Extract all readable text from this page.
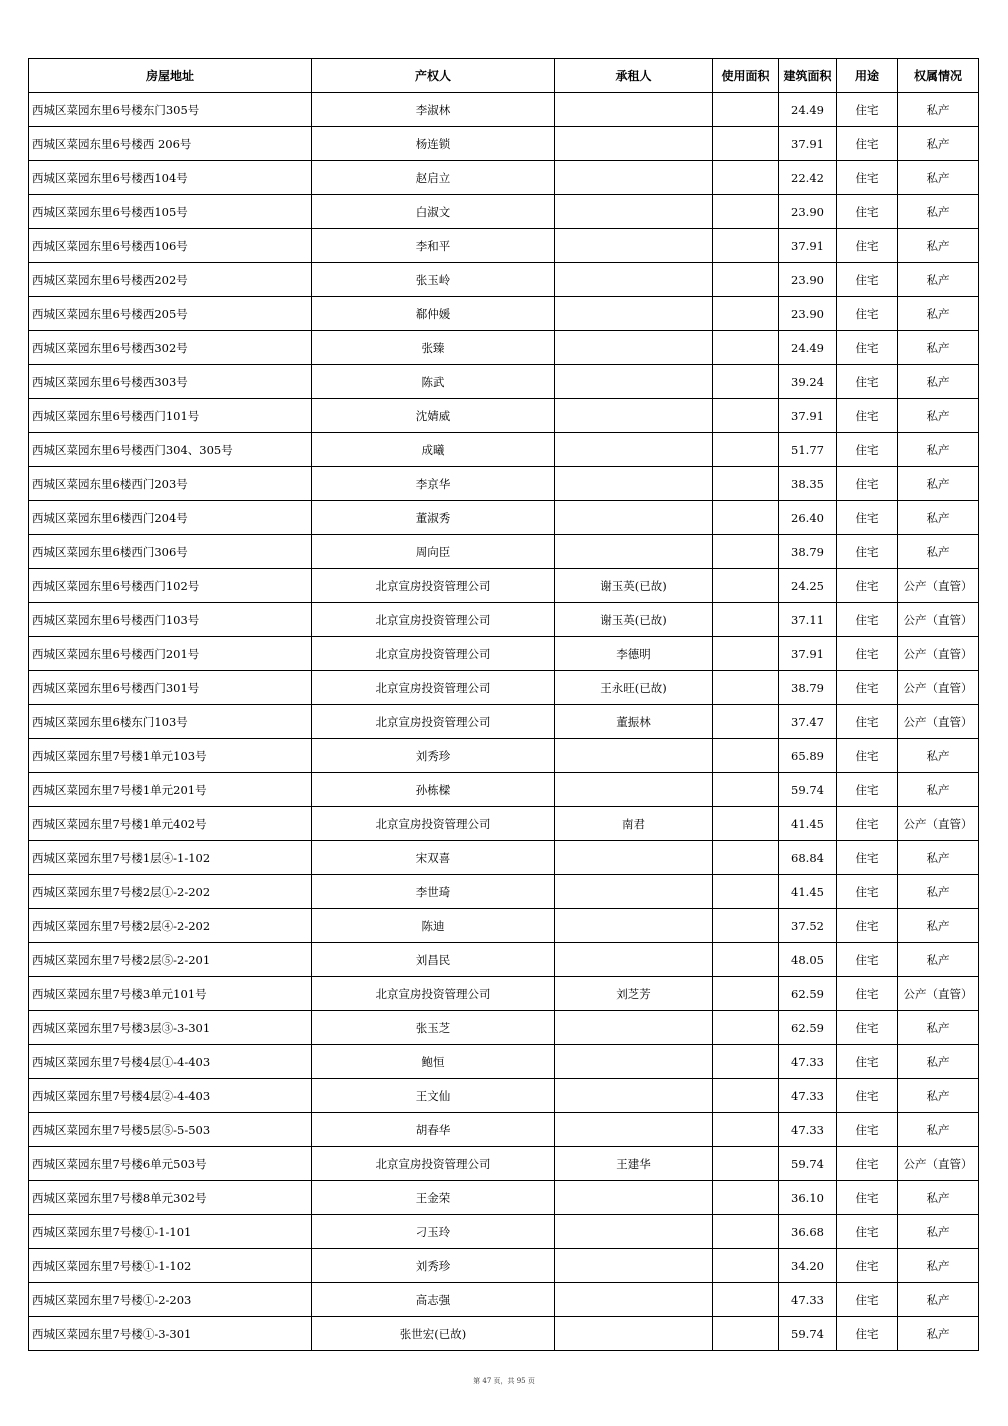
房屋地址	产权人	承租人	使用面积	建筑面积	用途	权属情况
西城区菜园东里6号楼东门305号	李淑林			24.49	住宅	私产
西城区菜园东里6号楼西 206号	杨连锁			37.91	住宅	私产
西城区菜园东里6号楼西104号	赵启立			22.42	住宅	私产
西城区菜园东里6号楼西105号	白淑文			23.90	住宅	私产
西城区菜园东里6号楼西106号	李和平			37.91	住宅	私产
西城区菜园东里6号楼西202号	张玉岭			23.90	住宅	私产
西城区菜园东里6号楼西205号	郗仲媛			23.90	住宅	私产
西城区菜园东里6号楼西302号	张臻			24.49	住宅	私产
西城区菜园东里6号楼西303号	陈武			39.24	住宅	私产
西城区菜园东里6号楼西门101号	沈婧威			37.91	住宅	私产
西城区菜园东里6号楼西门304、305号	成曦			51.77	住宅	私产
西城区菜园东里6楼西门203号	李京华			38.35	住宅	私产
西城区菜园东里6楼西门204号	董淑秀			26.40	住宅	私产
西城区菜园东里6楼西门306号	周向臣			38.79	住宅	私产
西城区菜园东里6号楼西门102号	北京宣房投资管理公司	谢玉英(已故)		24.25	住宅	公产（直管）
西城区菜园东里6号楼西门103号	北京宣房投资管理公司	谢玉英(已故)		37.11	住宅	公产（直管）
西城区菜园东里6号楼西门201号	北京宣房投资管理公司	李德明		37.91	住宅	公产（直管）
西城区菜园东里6号楼西门301号	北京宣房投资管理公司	王永旺(已故)		38.79	住宅	公产（直管）
西城区菜园东里6楼东门103号	北京宣房投资管理公司	董振林		37.47	住宅	公产（直管）
西城区菜园东里7号楼1单元103号	刘秀珍			65.89	住宅	私产
西城区菜园东里7号楼1单元201号	孙栋樑			59.74	住宅	私产
西城区菜园东里7号楼1单元402号	北京宣房投资管理公司	南君		41.45	住宅	公产（直管）
西城区菜园东里7号楼1层④-1-102	宋双喜			68.84	住宅	私产
西城区菜园东里7号楼2层①-2-202	李世琦			41.45	住宅	私产
西城区菜园东里7号楼2层④-2-202	陈迪			37.52	住宅	私产
西城区菜园东里7号楼2层⑤-2-201	刘昌民			48.05	住宅	私产
西城区菜园东里7号楼3单元101号	北京宣房投资管理公司	刘芝芳		62.59	住宅	公产（直管）
西城区菜园东里7号楼3层③-3-301	张玉芝			62.59	住宅	私产
西城区菜园东里7号楼4层①-4-403	鲍恒			47.33	住宅	私产
西城区菜园东里7号楼4层②-4-403	王文仙			47.33	住宅	私产
西城区菜园东里7号楼5层⑤-5-503	胡春华			47.33	住宅	私产
西城区菜园东里7号楼6单元503号	北京宣房投资管理公司	王建华		59.74	住宅	公产（直管）
西城区菜园东里7号楼8单元302号	王金荣			36.10	住宅	私产
西城区菜园东里7号楼①-1-101	刁玉玲			36.68	住宅	私产
西城区菜园东里7号楼①-1-102	刘秀珍			34.20	住宅	私产
西城区菜园东里7号楼①-2-203	高志强			47.33	住宅	私产
西城区菜园东里7号楼①-3-301	张世宏(已故)			59.74	住宅	私产
第 47 页，共 95 页
